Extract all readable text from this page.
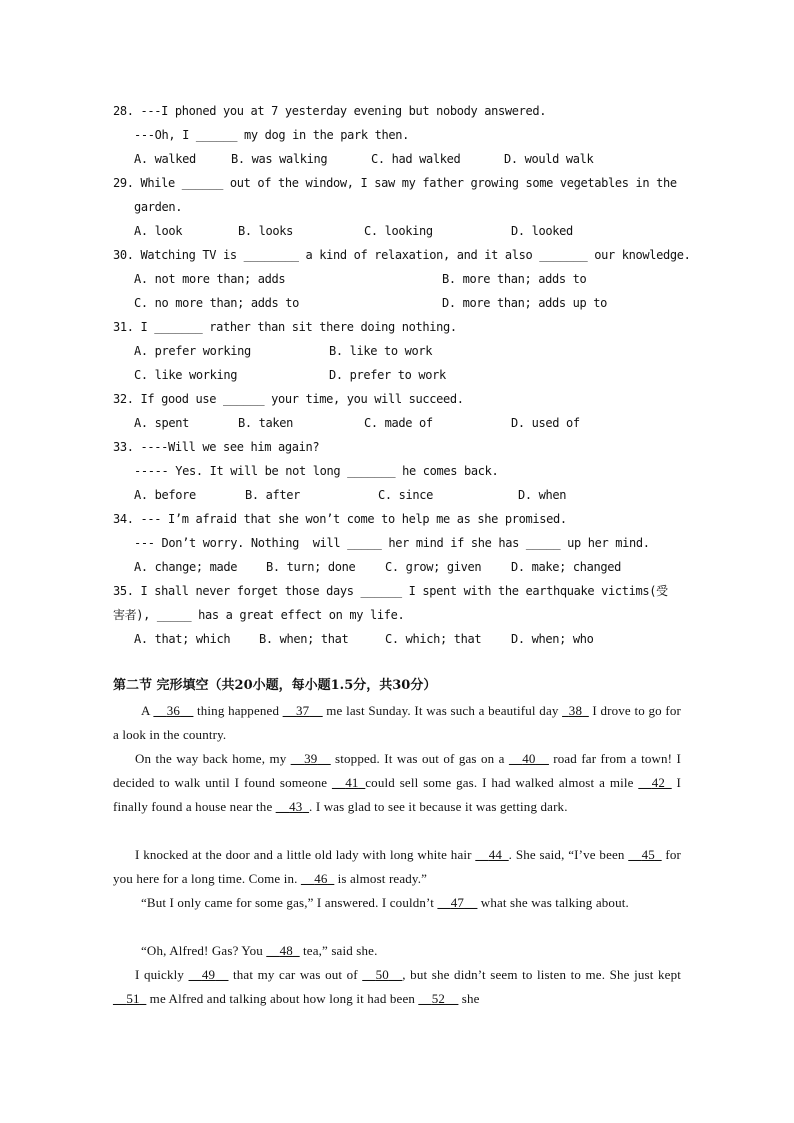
28. ---I phoned you at 7 yesterday evening but nobody answered.
---Oh, I ______ my dog in the park then.
A. walked	B. was walking	C. had walked	D. would walk
29. While ______ out of the window, I saw my father growing some vegetables in the
garden.
A. look	B. looks	C. looking	D. looked
30. Watching TV is ________ a kind of relaxation, and it also _______ our knowledge.
A. not more than; adds	B. more than; adds to
C. no more than; adds to	D. more than; adds up to
31. I _______ rather than sit there doing nothing.
A. prefer working	B. like to work
C. like working	D. prefer to work
32. If good use ______ your time, you will succeed.
A. spent	B. taken	C. made of	D. used of
33. ----Will we see him again?
----- Yes. It will be not long _______ he comes back.
A. before	B. after	C. since	D. when
34. --- I’m afraid that she won’t come to help me as she promised.
--- Don’t worry. Nothing  will _____ her mind if she has _____ up her mind.
A. change; made B. turn; done C. grow; given D. make; changed
35. I shall never forget those days ______ I spent with the earthquake victims(受
害者), _____ has a great effect on my life.
A. that; which B. when; that	C. which; that D. when; who
第二节 完形填空（共20小题，每小题1.5分，共30分）
A __36__ thing happened __37__ me last Sunday. It was such a beautiful day _38_ I drove to go for a look in the country.
On the way back home, my __39__ stopped. It was out of gas on a __40__ road far from a town! I decided to walk until I found someone __41_could sell some gas. I had walked almost a mile __42_ I finally found a house near the __43_. I was glad to see it because it was getting dark.
I knocked at the door and a little old lady with long white hair __44_. She said, “I’ve been __45_ for you here for a long time. Come in. __46_ is almost ready.”
“But I only came for some gas,” I answered. I couldn’t __47__ what she was talking about.
“Oh, Alfred! Gas? You __48_ tea,” said she.
I quickly __49__ that my car was out of __50__, but she didn’t seem to listen to me. She just kept __51_ me Alfred and talking about how long it had been __52__ she
